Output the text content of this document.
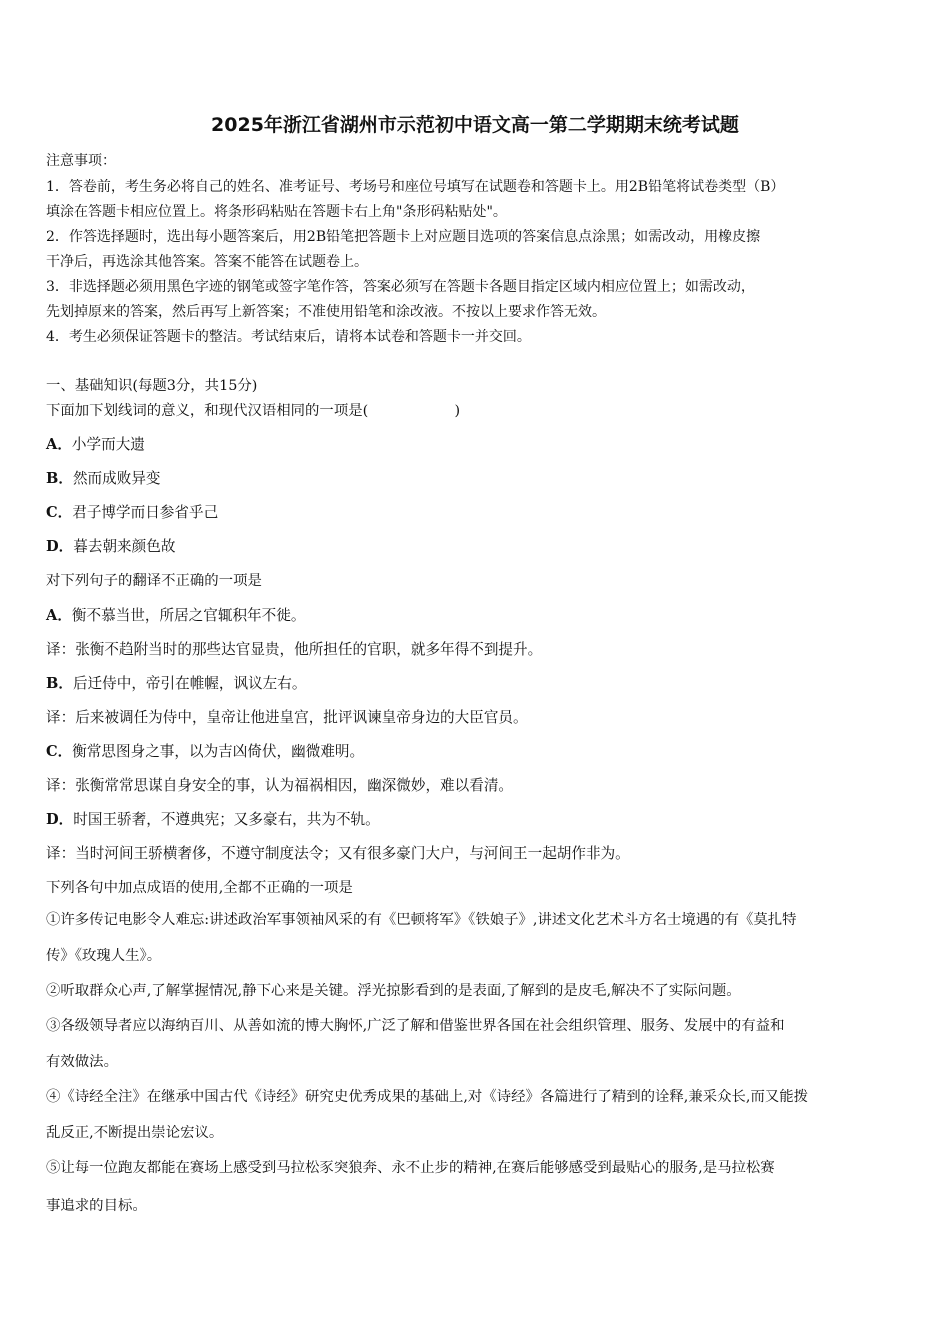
2025年浙江省湖州市示范初中语文高一第二学期期末统考试题
注意事项：
1．答卷前，考生务必将自己的姓名、准考证号、考场号和座位号填写在试题卷和答题卡上。用2B铅笔将试卷类型（B）
填涂在答题卡相应位置上。将条形码粘贴在答题卡右上角"条形码粘贴处"。
2．作答选择题时，选出每小题答案后，用2B铅笔把答题卡上对应题目选项的答案信息点涂黑；如需改动，用橡皮擦
干净后，再选涂其他答案。答案不能答在试题卷上。
3．非选择题必须用黑色字迹的钢笔或签字笔作答，答案必须写在答题卡各题目指定区域内相应位置上；如需改动，
先划掉原来的答案，然后再写上新答案；不准使用铅笔和涂改液。不按以上要求作答无效。
4．考生必须保证答题卡的整洁。考试结束后，请将本试卷和答题卡一并交回。
一、基础知识(每题3分，共15分)
下面加下划线词的意义，和现代汉语相同的一项是(　　　　　　)
A．小学而大遗
B．然而成败异变
C．君子博学而日参省乎己
D．暮去朝来颜色故
对下列句子的翻译不正确的一项是
A．衡不慕当世，所居之官辄积年不徙。
译：张衡不趋附当时的那些达官显贵，他所担任的官职，就多年得不到提升。
B．后迁侍中，帝引在帷幄，讽议左右。
译：后来被调任为侍中，皇帝让他进皇宫，批评讽谏皇帝身边的大臣官员。
C．衡常思图身之事，以为吉凶倚伏，幽微难明。
译：张衡常常思谋自身安全的事，认为福祸相因，幽深微妙，难以看清。
D．时国王骄奢，不遵典宪；又多豪右，共为不轨。
译：当时河间王骄横奢侈，不遵守制度法令；又有很多豪门大户，与河间王一起胡作非为。
下列各句中加点成语的使用,全都不正确的一项是
①许多传记电影令人难忘:讲述政治军事领袖风采的有《巴顿将军》《铁娘子》,讲述文化艺术斗方名士境遇的有《莫扎特
传》《玫瑰人生》。
②听取群众心声,了解掌握情况,静下心来是关键。浮光掠影看到的是表面,了解到的是皮毛,解决不了实际问题。
③各级领导者应以海纳百川、从善如流的博大胸怀,广泛了解和借鉴世界各国在社会组织管理、服务、发展中的有益和
有效做法。
④《诗经全注》在继承中国古代《诗经》研究史优秀成果的基础上,对《诗经》各篇进行了精到的诠释,兼采众长,而又能拨
乱反正,不断提出崇论宏议。
⑤让每一位跑友都能在赛场上感受到马拉松豕突狼奔、永不止步的精神,在赛后能够感受到最贴心的服务,是马拉松赛
事追求的目标。
